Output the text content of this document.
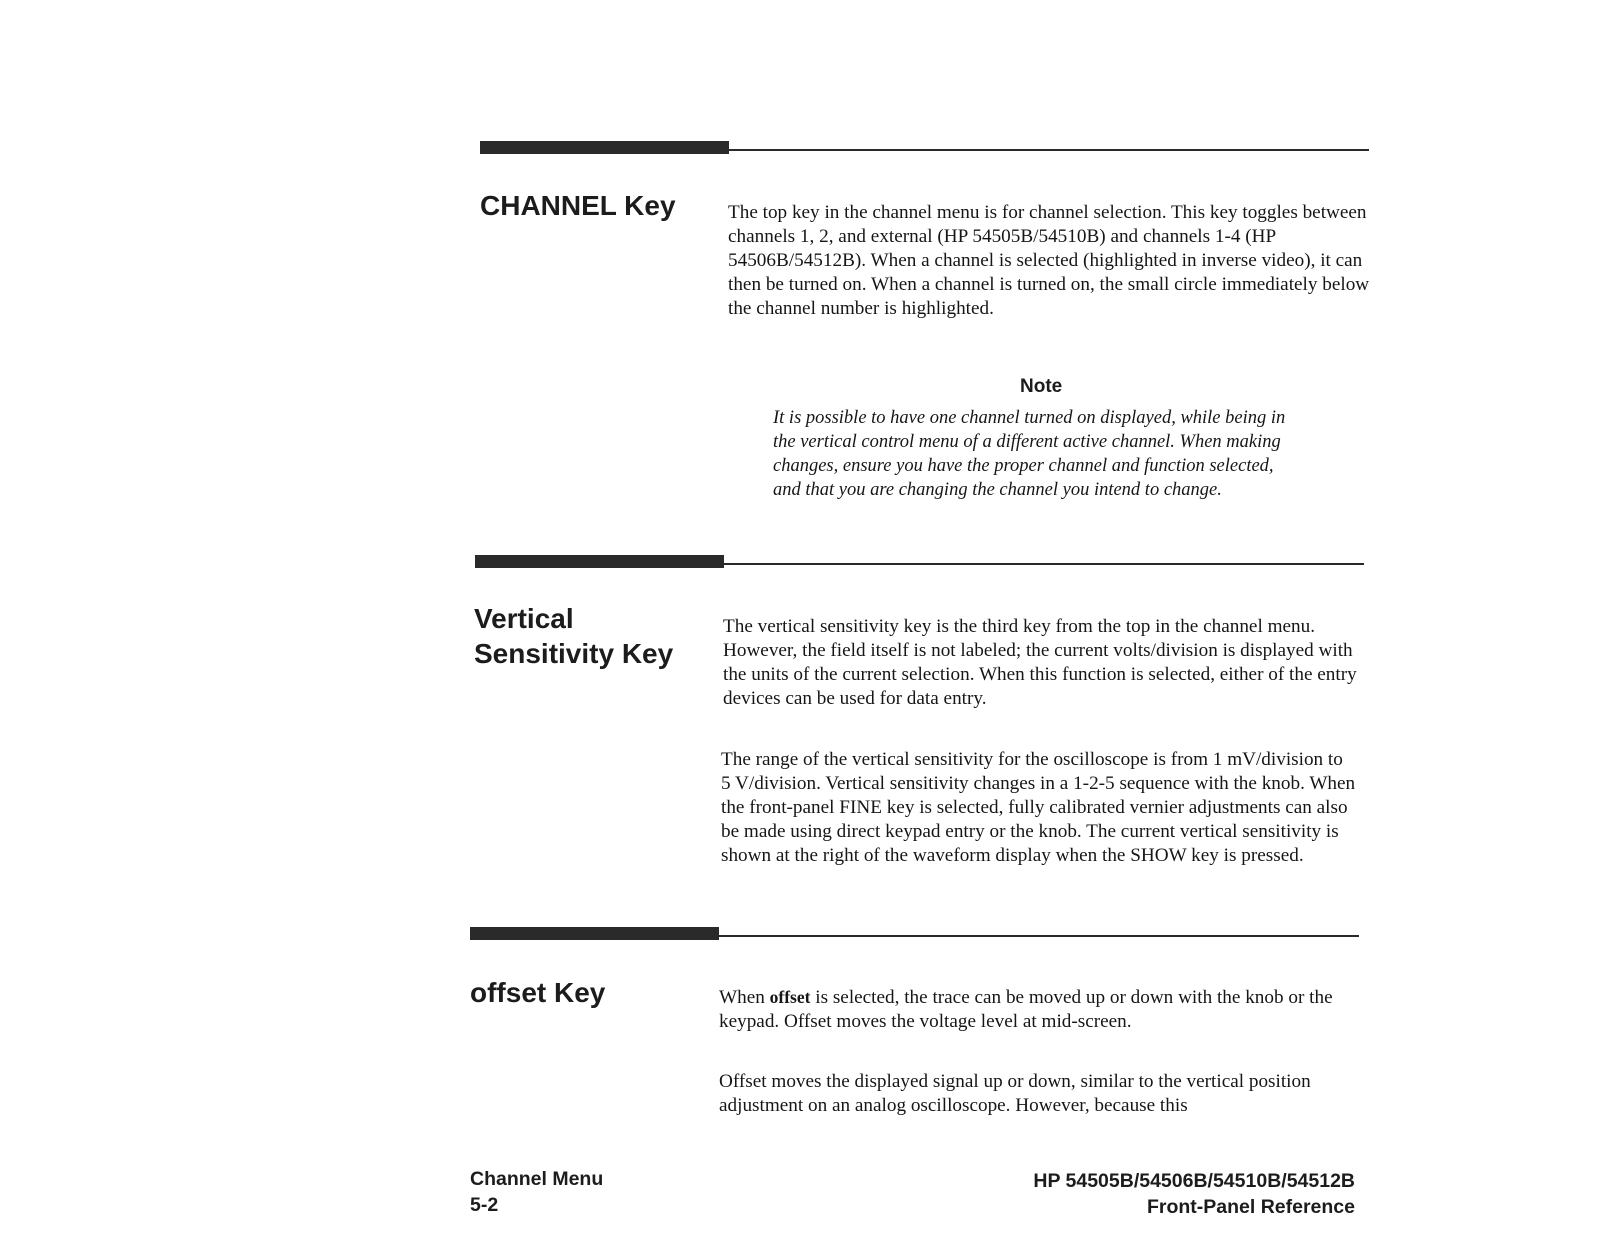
CHANNEL Key	The top key in the channel menu is for channel selection. This key toggles between channels 1, 2, and external (HP 54505B/54510B) and channels 1-4 (HP 54506B/54512B). When a channel is selected (highlighted in inverse video), it can then be turned on. When a channel is turned on, the small circle immediately below the channel number is highlighted.

Note

It is possible to have one channel turned on displayed, while being in the vertical control menu of a different active channel. When making changes, ensure you have the proper channel and function selected, and that you are changing the channel you intend to change.

Vertical
Sensitivity Key

The vertical sensitivity key is the third key from the top in the channel menu. However, the field itself is not labeled; the current volts/division is displayed with the units of the current selection. When this function is selected, either of the entry devices can be used for data entry.

The range of the vertical sensitivity for the oscilloscope is from 1 mV/division to 5 V/division. Vertical sensitivity changes in a 1-2-5 sequence with the knob. When the front-panel FINE key is selected, fully calibrated vernier adjustments can also be made using direct keypad entry or the knob. The current vertical sensitivity is shown at the right of the waveform display when the SHOW key is pressed.

offset Key	When offset is selected, the trace can be moved up or down with the knob or the keypad. Offset moves the voltage level at mid-screen.

Offset moves the displayed signal up or down, similar to the vertical position adjustment on an analog oscilloscope. However, because this

Channel Menu
5-2
HP 54505B/54506B/54510B/54512B
Front-Panel Reference
